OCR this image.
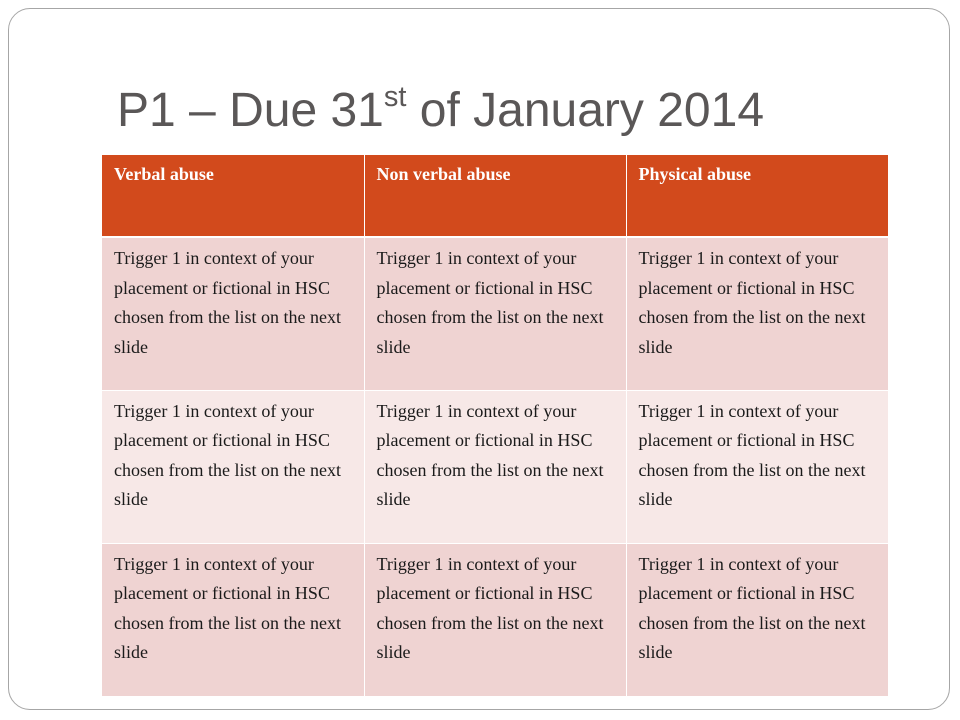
P1 – Due 31st of January 2014
Verbal abuse	Non verbal abuse	Physical abuse
Trigger 1 in context of your placement or fictional in HSC chosen from the list on the next slide	Trigger 1 in context of your placement or fictional in HSC chosen from the list on the next slide	Trigger 1 in context of your placement or fictional in HSC chosen from the list on the next slide
Trigger 1 in context of your placement or fictional in HSC chosen from the list on the next slide	Trigger 1 in context of your placement or fictional in HSC chosen from the list on the next slide	Trigger 1 in context of your placement or fictional in HSC chosen from the list on the next slide
Trigger 1 in context of your placement or fictional in HSC chosen from the list on the next slide	Trigger 1 in context of your placement or fictional in HSC chosen from the list on the next slide	Trigger 1 in context of your placement or fictional in HSC chosen from the list on the next slide
